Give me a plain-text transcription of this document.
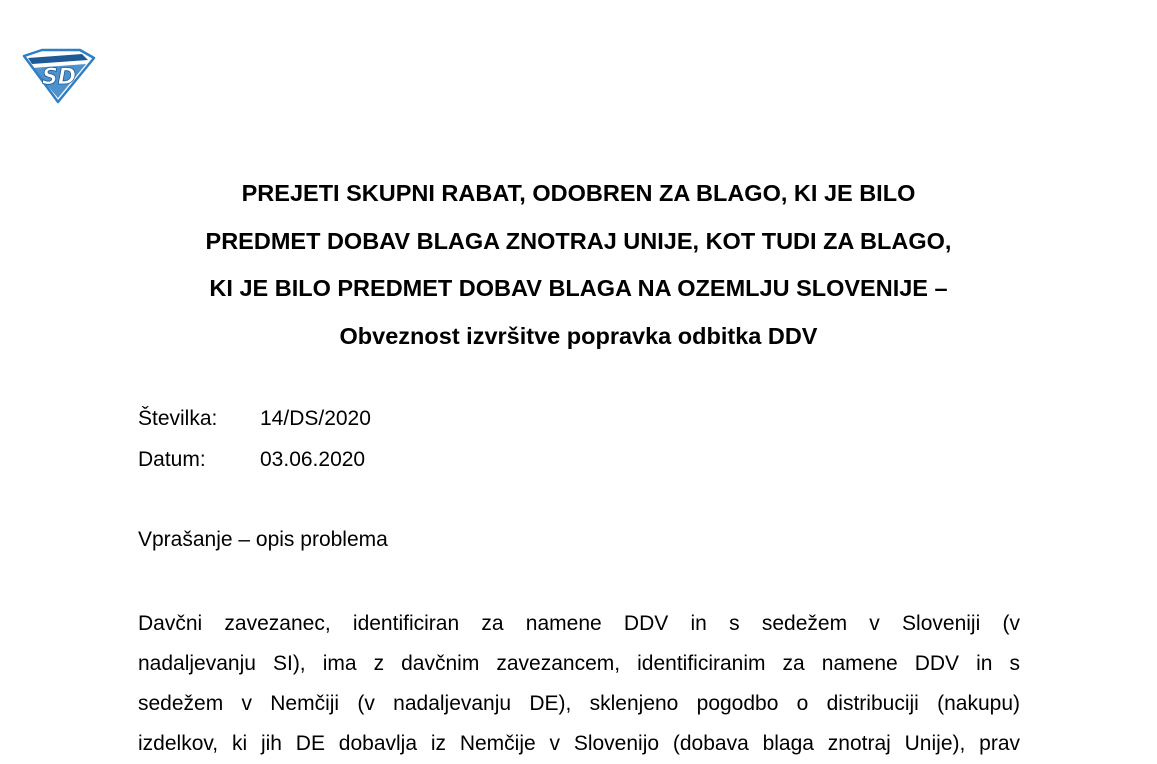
SD
PREJETI SKUPNI RABAT, ODOBREN ZA BLAGO, KI JE BILO
PREDMET DOBAV BLAGA ZNOTRAJ UNIJE, KOT TUDI ZA BLAGO,
KI JE BILO PREDMET DOBAV BLAGA NA OZEMLJU SLOVENIJE –
Obveznost izvršitve popravka odbitka DDV
Številka: 14/DS/2020
Datum:	03.06.2020
Vprašanje – opis problema
Davčni zavezanec, identificiran za namene DDV in s sedežem v Sloveniji (v
nadaljevanju SI), ima z davčnim zavezancem, identificiranim za namene DDV in s
sedežem v Nemčiji (v nadaljevanju DE), sklenjeno pogodbo o distribuciji (nakupu)
izdelkov, ki jih DE dobavlja iz Nemčije v Slovenijo (dobava blaga znotraj Unije), prav
